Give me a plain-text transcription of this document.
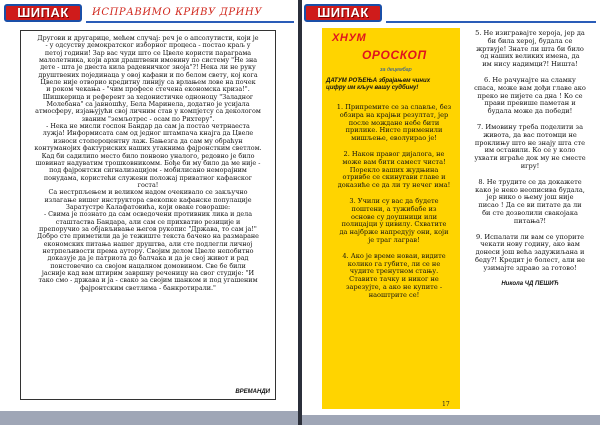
ШИПАК	ИСПРАВИМО КРИВУ ДРИНУ

Другови и другарице, мећем случај: реч је о апсолутисти, који је
- у одсуству демократског изборног процеса - постао краљ у
петој години! Зар вас чуди што се Цвеле користи параграма
малолетника, који архи драштвени имовину по систему "Не зна
дете - шта је двеста кила радевничког знојa"?! Нека ли не руку
друштвених појединаца у овој кафани и по белом свету, кој кога
Цвеле није отворио кредитну линију са врлањем лове на почек
и роком чекања - "чим професе стечена економска криза!".
Шишкерица и референт за хедонистичке одноноцу "Заладног
Молебана" са јавношћу, Бела Маринела, додатно је усијала
атмосферу, изјањујући свој личним став у компјетсу са декологом
званим "земљотрес - осам по Рихтеру".
- Нека не мисли госпон Бандар да сам ја постао четрнаеста
лужја! Информисата сам од једног штампача кнајга да Цвеле
износи стопероцентну лаж. Бањезга да сам му обраћун
контуманојих фактуриских наших утакнима фајронстким светлом.
Кад би садилипо место било понвоно уналого, редовно је било
шовинат надуватим трошковникомм. Бође би му било да ме није -
под фајронтски сигнализацијом - мобилисано неморајним
понудама, користећи служени положај приватног кафанског
госта!
Са нестрпљењем и великом надом очекивало се закључно
излагање вишег инструктора свекопке кафанске популације
Заратустре Калафатовића, који оваке говораше:
- Свима је познато да сам осведочени противник лика и дела
сташтаства Бандара, али сам се прихватио резиције и
препоручио за објављивање његов рукопис "Држава, то сам ја!"
Добро сте приметили да је тежиште текста бачено на размаране
економских питања нашег друштва, али сте подлегли личној
нетрпељивости према аутору. Својим делом Цвеле непобитно
доказује да је патриота до балчака и да је свој живот и рад
понстовечио са својом нацалном домовином. Све бе били
јасније кад вам штирим завршну реченицу на свог студије: "И
тако смо - држава и ја - свако за својим шанком и под угашеним
фајронтским светлима - банкротирали."

ВРЕМАНДИ
ШИПАК
ХНУМ
ОРОСКОП
за децембар
ДАТУМ РОЂЕЊА збрајањем чиних
цифру им кључ вашу судбину!

1. Припремите се за славље, без
обзира на крајњи резултат, јер
после мождане небе бити
прилике. Нисте применили
мишљење, еволуирао је!

2. Након правог дијалога, не
може вам бити самест чиста!
Порекло ваших жудњина
отривбе се скинуrави главе и
доказиће се да ли ту нечег има!

3. Учили су вас да будете
поштени, а тужибабе из
основе су доушници или
полицајци у цивилу. Схватите
да најбрже напредују они, који
је траг лаграв!

4. Ако је време новаи, видите
колико га губите, ли се не
чудите тренутном стању.
Ставите тачку и никог не
зарезујте, а ако не купите -
нaoштрите се!

5. Не изигравајте хероја, јер да
би била херој, будала се
жртвује! Знате ли шта би било
од наших великих имена, да
им нису надимци?! Ништа!

6. Не рачунајте на сламку
спаса, може вам дођи главе ако
преко не пијете са дна ! Ко се
прави превише паметан и
будала може да победи!

7. Имовину треба поделити за
живота, да вас потомци не
проклињу што не знају шта сте
им оставили. Ко се у коло
ухвати играће док му не сместе
игру!

8. Не трудите се да докажете
како је неко неописива будала,
јер нико о њему још није
писао ! Да се ви питате да ли
би сте дозволили свакојака
питања?!

9. Испалати ли вам се упорите
чекати нову годину, ако вам
донеси још већа задужиљана и
беду?! Кредит је болест, али не
узимајте здраво за готово!

Никола ЧД ПЕШИЋ
17
